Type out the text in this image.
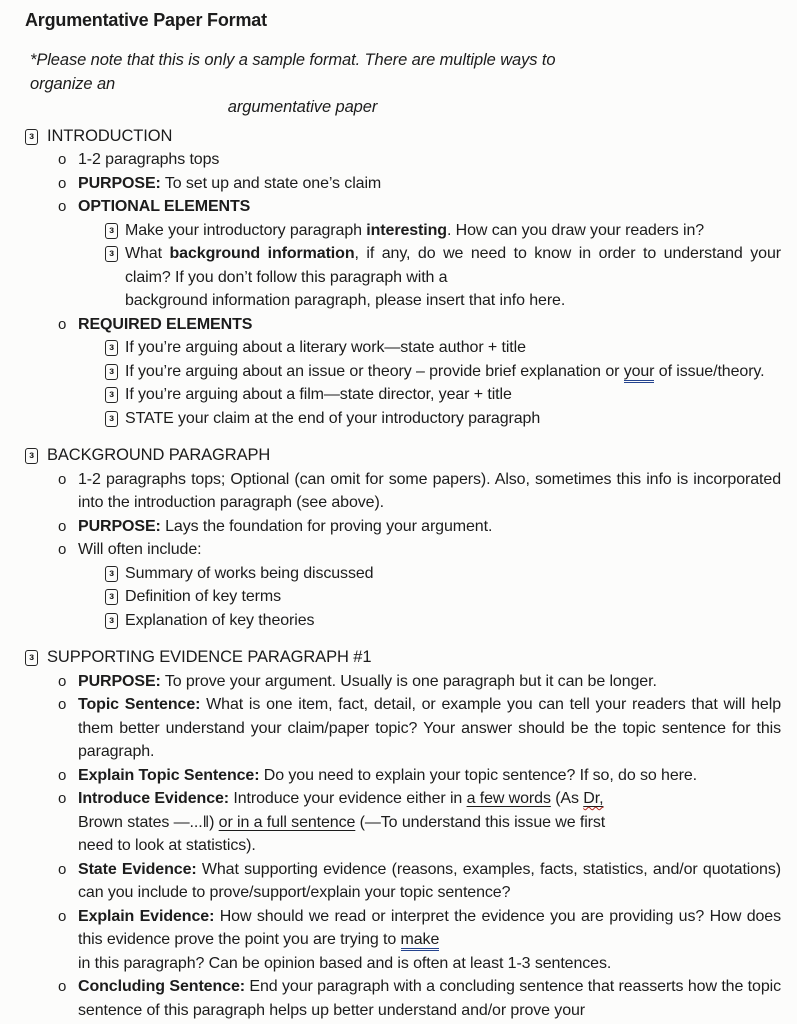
Argumentative Paper Format
*Please note that this is only a sample format. There are multiple ways to organize an
argumentative paper
ɜ INTRODUCTION
o 1-2 paragraphs tops
o PURPOSE: To set up and state one’s claim
o OPTIONAL ELEMENTS
ɜ Make your introductory paragraph interesting. How can you draw your readers in?
ɜ What background information, if any, do we need to know in order to understand your claim? If you don’t follow this paragraph with a
background information paragraph, please insert that info here.
o REQUIRED ELEMENTS
ɜ If you’re arguing about a literary work—state author + title
ɜ If you’re arguing about an issue or theory – provide brief explanation or your of issue/theory.
ɜ If you’re arguing about a film—state director, year + title
ɜ STATE your claim at the end of your introductory paragraph
ɜ BACKGROUND PARAGRAPH
o 1-2 paragraphs tops; Optional (can omit for some papers). Also, sometimes this info is incorporated into the introduction paragraph (see above).
o PURPOSE: Lays the foundation for proving your argument.
o Will often include:
ɜ Summary of works being discussed
ɜ Definition of key terms
ɜ Explanation of key theories
ɜ SUPPORTING EVIDENCE PARAGRAPH #1
o PURPOSE: To prove your argument. Usually is one paragraph but it can be longer.
o Topic Sentence: What is one item, fact, detail, or example you can tell your readers that will help them better understand your claim/paper topic? Your answer should be the topic sentence for this paragraph.
o Explain Topic Sentence: Do you need to explain your topic sentence? If so, do so here.
o Introduce Evidence: Introduce your evidence either in a few words (As Dr,
Brown states —...‖) or in a full sentence (—To understand this issue we first
need to look at statistics).
o State Evidence: What supporting evidence (reasons, examples, facts, statistics, and/or quotations) can you include to prove/support/explain your topic sentence?
o Explain Evidence: How should we read or interpret the evidence you are providing us? How does this evidence prove the point you are trying to make
in this paragraph? Can be opinion based and is often at least 1-3 sentences.
o Concluding Sentence: End your paragraph with a concluding sentence that reasserts how the topic sentence of this paragraph helps up better understand and/or prove your
